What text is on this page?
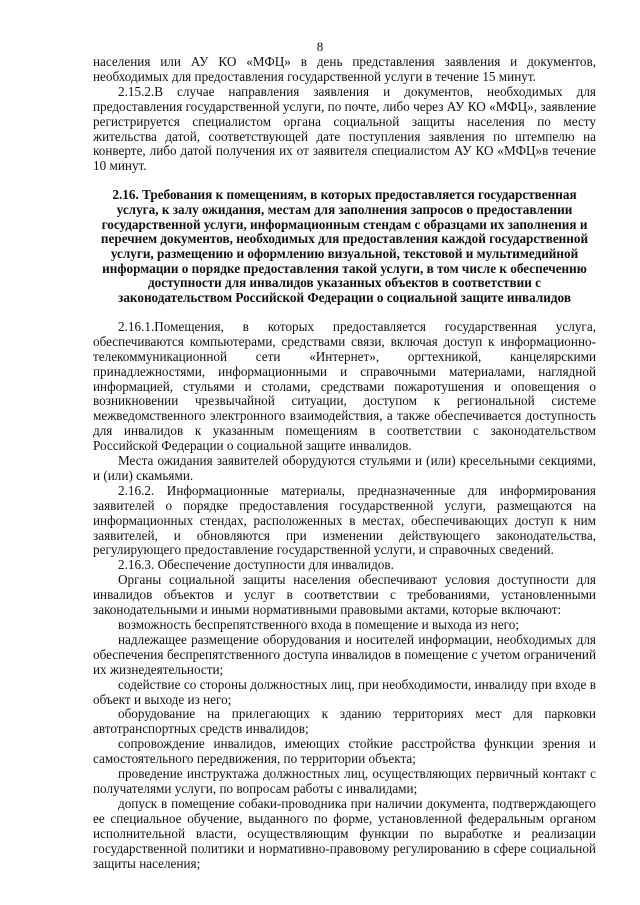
8

населения или АУ КО «МФЦ» в день представления заявления и документов, необходимых для предоставления государственной услуги в течение 15 минут.

2.15.2.В случае направления заявления и документов, необходимых для предоставления государственной услуги, по почте, либо через АУ КО «МФЦ», заявление регистрируется специалистом органа социальной защиты населения по месту жительства датой, соответствующей дате поступления заявления по штемпелю на конверте, либо датой получения их от заявителя специалистом АУ КО «МФЦ»в течение 10 минут.

2.16. Требования к помещениям, в которых предоставляется государственная услуга, к залу ожидания, местам для заполнения запросов о предоставлении государственной услуги, информационным стендам с образцами их заполнения и перечнем документов, необходимых для предоставления каждой государственной услуги, размещению и оформлению визуальной, текстовой и мультимедийной информации о порядке предоставления такой услуги, в том числе к обеспечению доступности для инвалидов указанных объектов в соответствии с законодательством Российской Федерации о социальной защите инвалидов

2.16.1.Помещения, в которых предоставляется государственная услуга, обеспечиваются компьютерами, средствами связи, включая доступ к информационно-телекоммуникационной сети «Интернет», оргтехникой, канцелярскими принадлежностями, информационными и справочными материалами, наглядной информацией, стульями и столами, средствами пожаротушения и оповещения о возникновении чрезвычайной ситуации, доступом к региональной системе межведомственного электронного взаимодействия, а также обеспечивается доступность для инвалидов к указанным помещениям в соответствии с законодательством Российской Федерации о социальной защите инвалидов.

Места ожидания заявителей оборудуются стульями и (или) кресельными секциями, и (или) скамьями.

2.16.2. Информационные материалы, предназначенные для информирования заявителей о порядке предоставления государственной услуги, размещаются на информационных стендах, расположенных в местах, обеспечивающих доступ к ним заявителей, и обновляются при изменении действующего законодательства, регулирующего предоставление государственной услуги, и справочных сведений.

2.16.3. Обеспечение доступности для инвалидов.

Органы социальной защиты населения обеспечивают условия доступности для инвалидов объектов и услуг в соответствии с требованиями, установленными законодательными и иными нормативными правовыми актами, которые включают:

возможность беспрепятственного входа в помещение и выхода из него;

надлежащее размещение оборудования и носителей информации, необходимых для обеспечения беспрепятственного доступа инвалидов в помещение с учетом ограничений их жизнедеятельности;

содействие со стороны должностных лиц, при необходимости, инвалиду при входе в объект и выходе из него;

оборудование на прилегающих к зданию территориях мест для парковки автотранспортных средств инвалидов;

сопровождение инвалидов, имеющих стойкие расстройства функции зрения и самостоятельного передвижения, по территории объекта;

проведение инструктажа должностных лиц, осуществляющих первичный контакт с получателями услуги, по вопросам работы с инвалидами;

допуск в помещение собаки-проводника при наличии документа, подтверждающего ее специальное обучение, выданного по форме, установленной федеральным органом исполнительной власти, осуществляющим функции по выработке и реализации государственной политики и нормативно-правовому регулированию в сфере социальной защиты населения;
